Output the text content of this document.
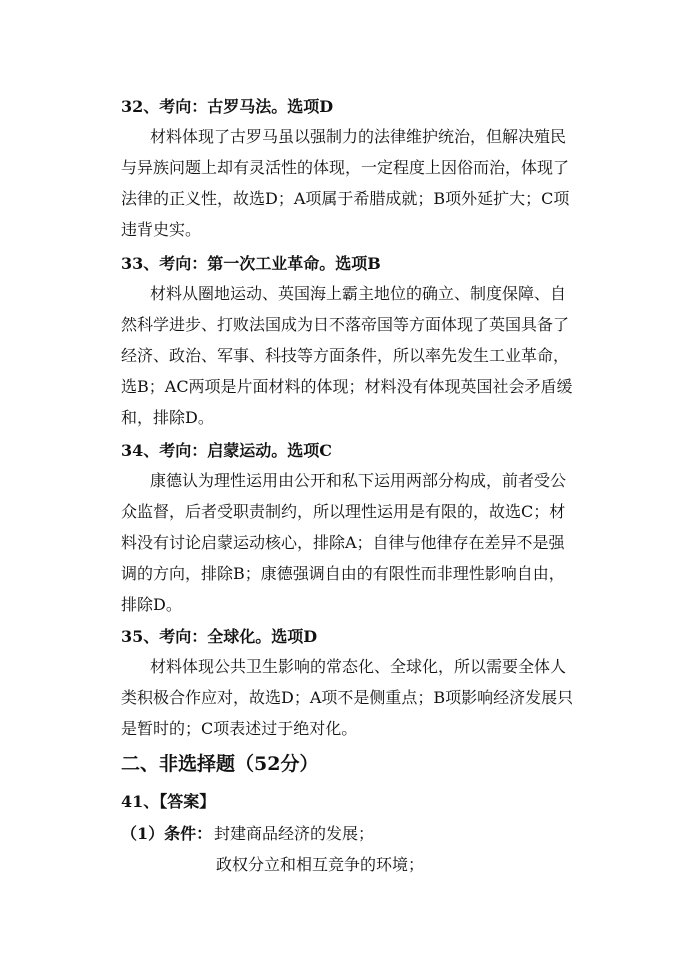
32、考向：古罗马法。选项D
材料体现了古罗马虽以强制力的法律维护统治，但解决殖民
与异族问题上却有灵活性的体现，一定程度上因俗而治，体现了
法律的正义性，故选D；A项属于希腊成就；B项外延扩大；C项
违背史实。
33、考向：第一次工业革命。选项B
材料从圈地运动、英国海上霸主地位的确立、制度保障、自
然科学进步、打败法国成为日不落帝国等方面体现了英国具备了
经济、政治、军事、科技等方面条件，所以率先发生工业革命，
选B；AC两项是片面材料的体现；材料没有体现英国社会矛盾缓
和，排除D。
34、考向：启蒙运动。选项C
康德认为理性运用由公开和私下运用两部分构成，前者受公
众监督，后者受职责制约，所以理性运用是有限的，故选C；材
料没有讨论启蒙运动核心，排除A；自律与他律存在差异不是强
调的方向，排除B；康德强调自由的有限性而非理性影响自由，
排除D。
35、考向：全球化。选项D
材料体现公共卫生影响的常态化、全球化，所以需要全体人
类积极合作应对，故选D；A项不是侧重点；B项影响经济发展只
是暂时的；C项表述过于绝对化。
二、非选择题（52分）
41、【答案】
（1）条件： 封建商品经济的发展；
政权分立和相互竞争的环境；
